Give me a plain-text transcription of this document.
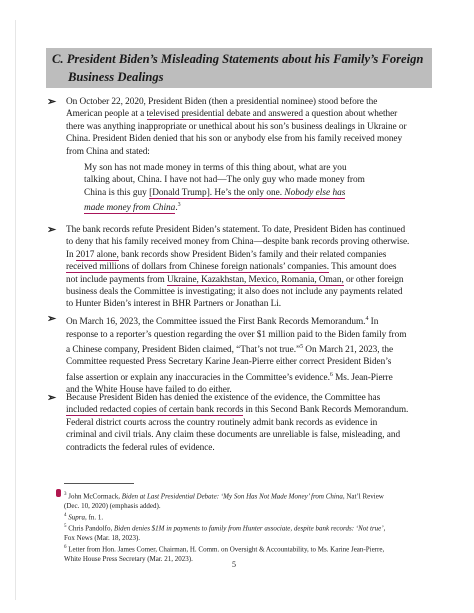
C. President Biden’s Misleading Statements about his Family’s Foreign
Business Dealings
➢ On October 22, 2020, President Biden (then a presidential nominee) stood before the
American people at a televised presidential debate and answered a question about whether
there was anything inappropriate or unethical about his son’s business dealings in Ukraine or
China. President Biden denied that his son or anybody else from his family received money
from China and stated:
My son has not made money in terms of this thing about, what are you
talking about, China. I have not had—The only guy who made money from
China is this guy [Donald Trump]. He’s the only one. Nobody else has
made money from China.$^3$
➢ The bank records refute President Biden’s statement. To date, President Biden has continued
to deny that his family received money from China—despite bank records proving otherwise.
In 2017 alone, bank records show President Biden’s family and their related companies
received millions of dollars from Chinese foreign nationals’ companies. This amount does
not include payments from Ukraine, Kazakhstan, Mexico, Romania, Oman, or other foreign
business deals the Committee is investigating; it also does not include any payments related
to Hunter Biden’s interest in BHR Partners or Jonathan Li.
➢ On March 16, 2023, the Committee issued the First Bank Records Memorandum.$^4$ In
response to a reporter’s question regarding the over $1 million paid to the Biden family from
a Chinese company, President Biden claimed, “That’s not true.”$^5$ On March 21, 2023, the
Committee requested Press Secretary Karine Jean-Pierre either correct President Biden’s
false assertion or explain any inaccuracies in the Committee’s evidence.$^6$ Ms. Jean-Pierre
and the White House have failed to do either.
➢ Because President Biden has denied the existence of the evidence, the Committee has
included redacted copies of certain bank records in this Second Bank Records Memorandum.
Federal district courts across the country routinely admit bank records as evidence in
criminal and civil trials. Any claim these documents are unreliable is false, misleading, and
contradicts the federal rules of evidence.
$^3$ John McCormack, Biden at Last Presidential Debate: ‘My Son Has Not Made Money’ from China, Nat’l Review
(Dec. 10, 2020) (emphasis added).
$^4$ Supra, fn. 1.
$^5$ Chris Pandolfo, Biden denies $1M in payments to family from Hunter associate, despite bank records: ‘Not true’,
Fox News (Mar. 18, 2023).
$^6$ Letter from Hon. James Comer, Chairman, H. Comm. on Oversight & Accountability, to Ms. Karine Jean-Pierre,
White House Press Secretary (Mar. 21, 2023).
5
